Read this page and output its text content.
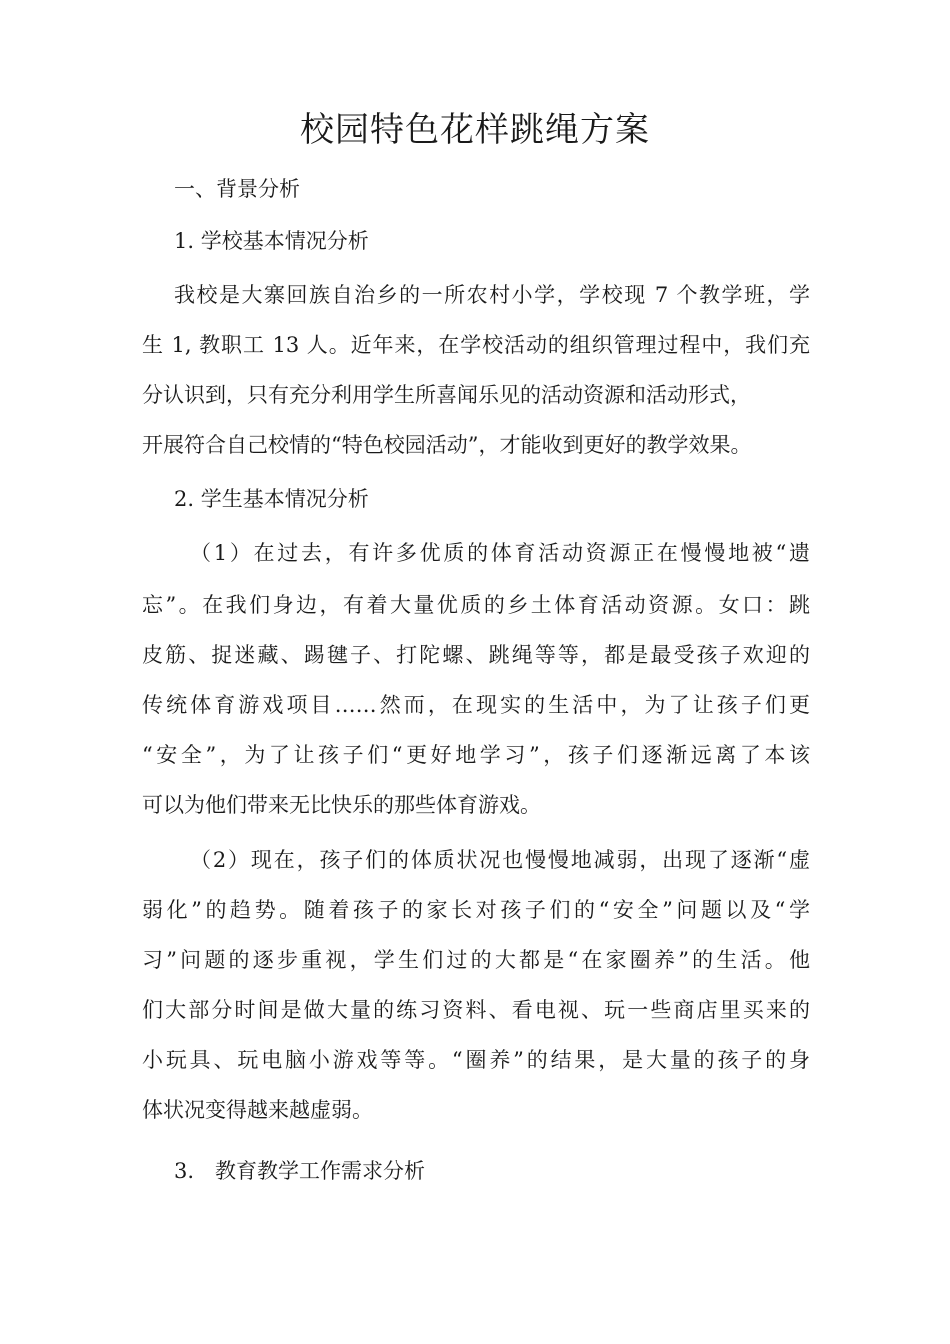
校园特色花样跳绳方案
一、背景分析
1. 学校基本情况分析
我校是大寨回族自治乡的一所农村小学，学校现 7 个教学班，学
生 1, 教职工 13 人。近年来，在学校活动的组织管理过程中，我们充
分认识到，只有充分利用学生所喜闻乐见的活动资源和活动形式，
开展符合自己校情的“特色校园活动”，才能收到更好的教学效果。
2. 学生基本情况分析
（1）在过去，有许多优质的体育活动资源正在慢慢地被“遗
忘”。在我们身边，有着大量优质的乡土体育活动资源。女口：跳
皮筋、捉迷藏、踢毽子、打陀螺、跳绳等等，都是最受孩子欢迎的
传统体育游戏项目……然而，在现实的生活中，为了让孩子们更
“安全”，为了让孩子们“更好地学习”，孩子们逐渐远离了本该
可以为他们带来无比快乐的那些体育游戏。
（2）现在，孩子们的体质状况也慢慢地减弱，出现了逐渐“虚
弱化”的趋势。随着孩子的家长对孩子们的“安全”问题以及“学
习”问题的逐步重视，学生们过的大都是“在家圈养”的生活。他
们大部分时间是做大量的练习资料、看电视、玩一些商店里买来的
小玩具、玩电脑小游戏等等。“圈养”的结果，是大量的孩子的身
体状况变得越来越虚弱。
3.　教育教学工作需求分析
